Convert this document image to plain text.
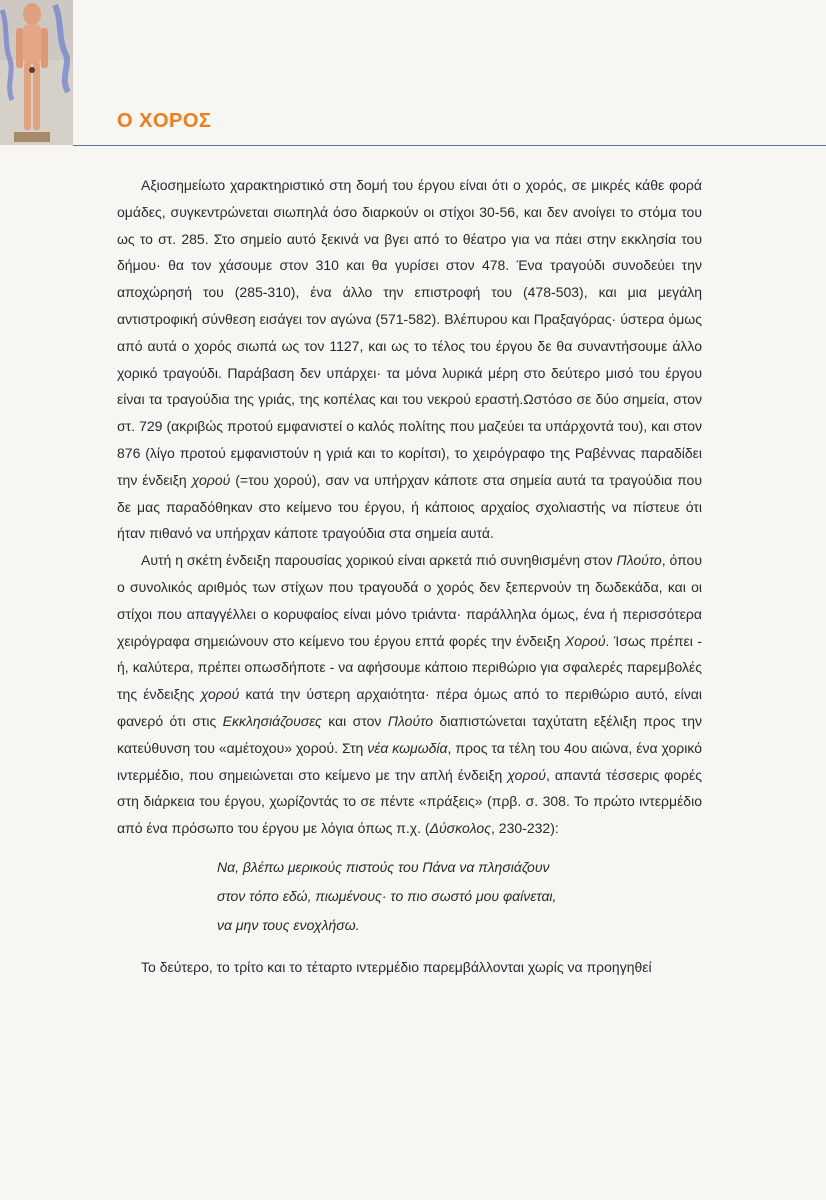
Ο ΧΟΡΟΣ

Αξιοσημείωτο χαρακτηριστικό στη δομή του έργου είναι ότι ο χορός, σε μικρές κάθε φορά ομάδες, συγκεντρώνεται σιωπηλά όσο διαρκούν οι στίχοι 30-56, και δεν ανοίγει το στόμα του ως το στ. 285. Στο σημείο αυτό ξεκινά να βγει από το θέατρο για να πάει στην εκκλησία του δήμου· θα τον χάσουμε στον 310 και θα γυρίσει στον 478. Ένα τραγούδι συνοδεύει την αποχώρησή του (285-310), ένα άλλο την επιστροφή του (478-503), και μια μεγάλη αντιστροφική σύνθεση εισάγει τον αγώνα (571-582). Βλέπυρου και Πραξαγόρας· ύστερα όμως από αυτά ο χορός σιωπά ως τον 1127, και ως το τέλος του έργου δε θα συναντήσουμε άλλο χορικό τραγούδι. Παράβαση δεν υπάρχει· τα μόνα λυρικά μέρη στο δεύτερο μισό του έργου είναι τα τραγούδια της γριάς, της κοπέλας και του νεκρού εραστή.Ωστόσο σε δύο σημεία, στον στ. 729 (ακριβώς προτού εμφανιστεί ο καλός πολίτης που μαζεύει τα υπάρχοντά του), και στον 876 (λίγο προτού εμφανιστούν η γριά και το κορίτσι), το χειρόγραφο της Ραβέννας παραδίδει την ένδειξη χορού (=του χορού), σαν να υπήρχαν κάποτε στα σημεία αυτά τα τραγούδια που δε μας παραδόθηκαν στο κείμενο του έργου, ή κάποιος αρχαίος σχολιαστής να πίστευε ότι ήταν πιθανό να υπήρχαν κάποτε τραγούδια στα σημεία αυτά.

Αυτή η σκέτη ένδειξη παρουσίας χορικού είναι αρκετά πιό συνηθισμένη στον Πλούτο, όπου ο συνολικός αριθμός των στίχων που τραγουδά ο χορός δεν ξεπερνούν τη δωδεκάδα, και οι στίχοι που απαγγέλλει ο κορυφαίος είναι μόνο τριάντα· παράλληλα όμως, ένα ή περισσότερα χειρόγραφα σημειώνουν στο κείμενο του έργου επτά φορές την ένδειξη Χορού. Ίσως πρέπει - ή, καλύτερα, πρέπει οπωσδήποτε - να αφήσουμε κάποιο περιθώριο για σφαλερές παρεμβολές της ένδειξης χορού κατά την ύστερη αρχαιότητα· πέρα όμως από το περιθώριο αυτό, είναι φανερό ότι στις Εκκλησιάζουσες και στον Πλούτο διαπιστώνεται ταχύτατη εξέλιξη προς την κατεύθυνση του «αμέτοχου» χορού. Στη νέα κωμωδία, προς τα τέλη του 4ου αιώνα, ένα χορικό ιντερμέδιο, που σημειώνεται στο κείμενο με την απλή ένδειξη χορού, απαντά τέσσερις φορές στη διάρκεια του έργου, χωρίζοντάς το σε πέντε «πράξεις» (πρβ. σ. 308. Το πρώτο ιντερμέδιο από ένα πρόσωπο του έργου με λόγια όπως π.χ. (Δύσκολος, 230-232):

Να, βλέπω μερικούς πιστούς του Πάνα να πλησιάζουν
στον τόπο εδώ, πιωμένους· το πιο σωστό μου φαίνεται,
να μην τους ενοχλήσω.

Το δεύτερο, το τρίτο και το τέταρτο ιντερμέδιο παρεμβάλλονται χωρίς να προηγηθεί
